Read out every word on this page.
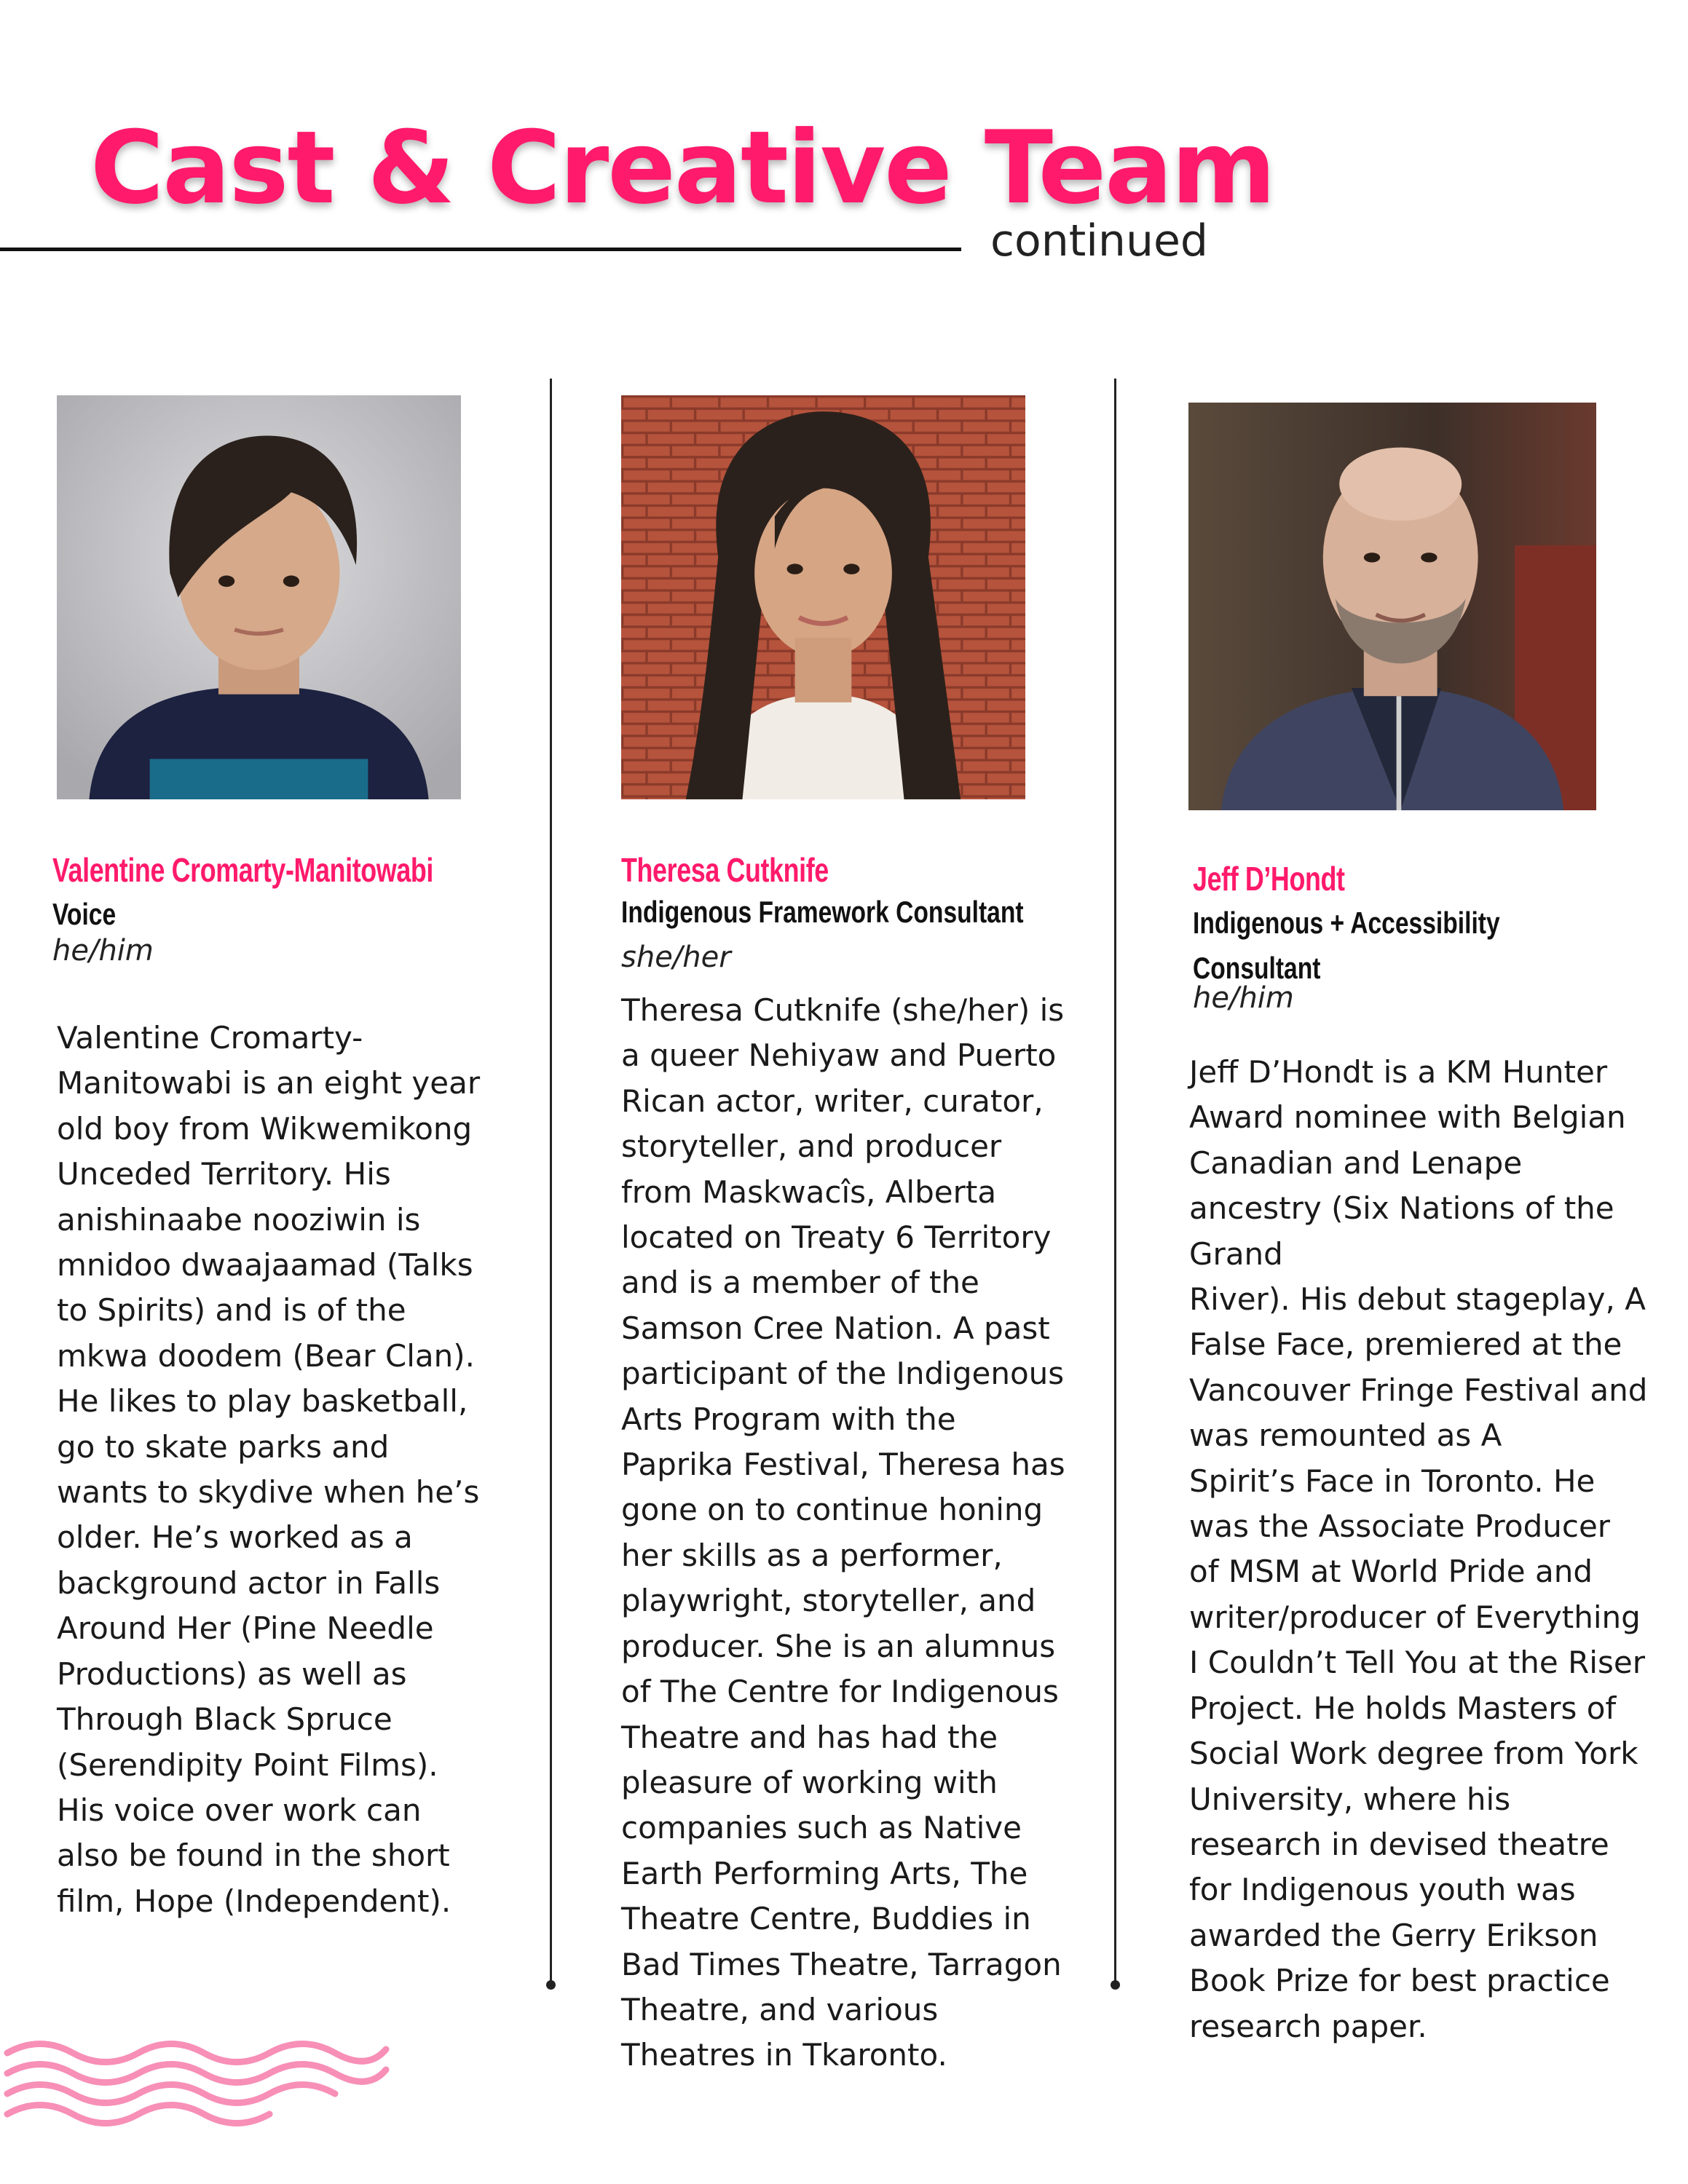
Cast & Creative Team
continued
Valentine Cromarty-Manitowabi
Voice
he/him
Valentine Cromarty-
Manitowabi is an eight year
old boy from Wikwemikong
Unceded Territory. His
anishinaabe nooziwin is
mnidoo dwaajaamad (Talks
to Spirits) and is of the
mkwa doodem (Bear Clan).
He likes to play basketball,
go to skate parks and
wants to skydive when he’s
older. He’s worked as a
background actor in Falls
Around Her (Pine Needle
Productions) as well as
Through Black Spruce
(Serendipity Point Films).
His voice over work can
also be found in the short
film, Hope (Independent).
Theresa Cutknife
Indigenous Framework Consultant
she/her
Theresa Cutknife (she/her) is
a queer Nehiyaw and Puerto
Rican actor, writer, curator,
storyteller, and producer
from Maskwacîs, Alberta
located on Treaty 6 Territory
and is a member of the
Samson Cree Nation. A past
participant of the Indigenous
Arts Program with the
Paprika Festival, Theresa has
gone on to continue honing
her skills as a performer,
playwright, storyteller, and
producer. She is an alumnus
of The Centre for Indigenous
Theatre and has had the
pleasure of working with
companies such as Native
Earth Performing Arts, The
Theatre Centre, Buddies in
Bad Times Theatre, Tarragon
Theatre, and various
Theatres in Tkaronto.
Jeff D’Hondt
Indigenous + Accessibility
Consultant
he/him
Jeff D’Hondt is a KM Hunter
Award nominee with Belgian
Canadian and Lenape
ancestry (Six Nations of the
Grand
River). His debut stageplay, A
False Face, premiered at the
Vancouver Fringe Festival and
was remounted as A
Spirit’s Face in Toronto. He
was the Associate Producer
of MSM at World Pride and
writer/producer of Everything
I Couldn’t Tell You at the Riser
Project. He holds Masters of
Social Work degree from York
University, where his
research in devised theatre
for Indigenous youth was
awarded the Gerry Erikson
Book Prize for best practice
research paper.
